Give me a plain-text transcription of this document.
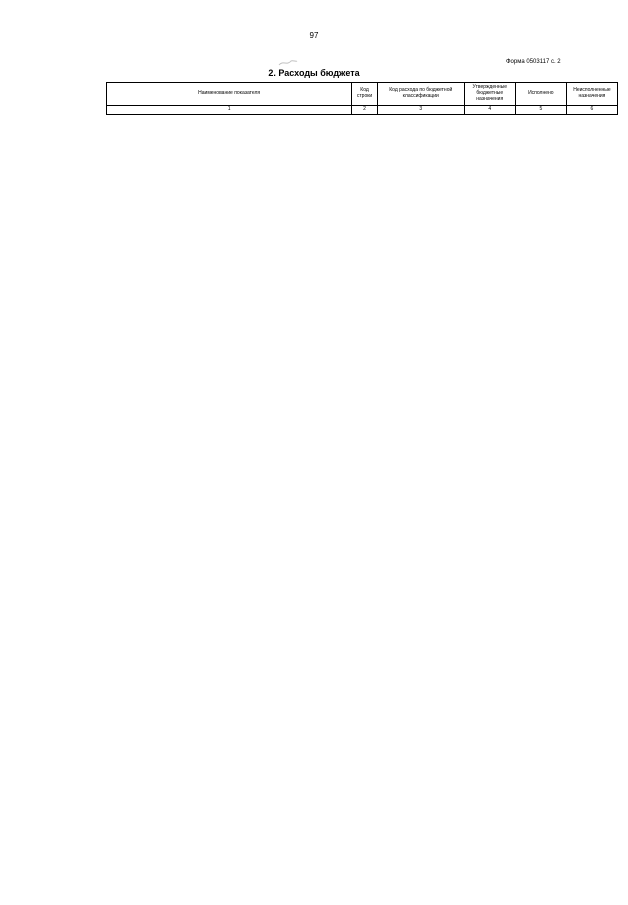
97
Форма 0503117 с. 2
2. Расходы бюджета
Наименование показателя	Код строки	Код расхода по бюджетной классификации	Утвержденные бюджетные назначения	Исполнено	Неисполненные назначения
1	2	3	4	5	6
